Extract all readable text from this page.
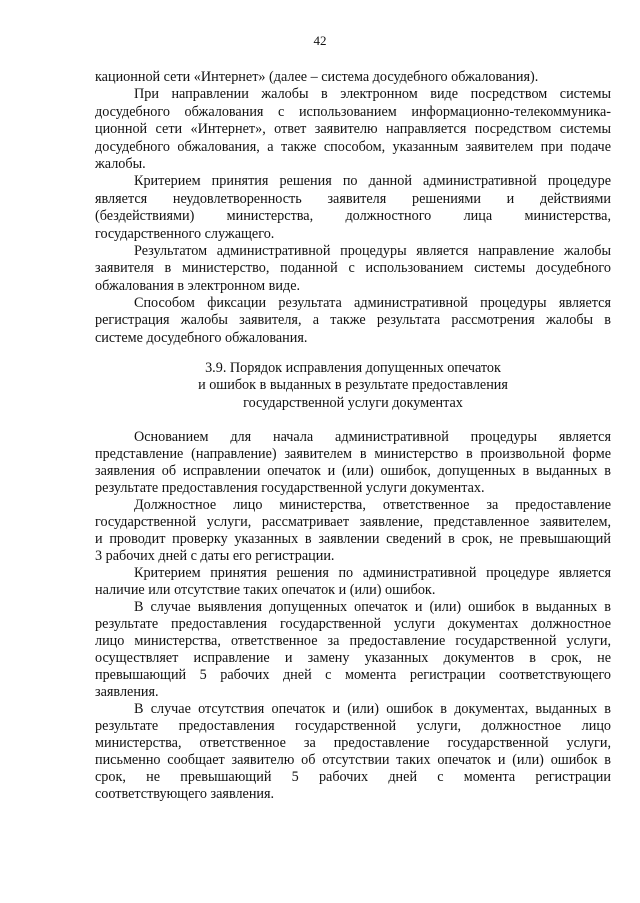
42
кационной сети «Интернет» (далее – система досудебного обжалования).
При направлении жалобы в электронном виде посредством системы
досудебного обжалования с использованием информационно-телекоммуника-
ционной сети «Интернет», ответ заявителю направляется посредством системы
досудебного обжалования, а также способом, указанным заявителем при подаче
жалобы.
Критерием принятия решения по данной административной процедуре
является неудовлетворенность заявителя решениями и действиями
(бездействиями) министерства, должностного лица министерства,
государственного служащего.
Результатом административной процедуры является направление жалобы
заявителя в министерство, поданной с использованием системы досудебного
обжалования в электронном виде.
Способом фиксации результата административной процедуры является
регистрация жалобы заявителя, а также результата рассмотрения жалобы в
системе досудебного обжалования.
3.9. Порядок исправления допущенных опечаток
и ошибок в выданных в результате предоставления
государственной услуги документах
Основанием для начала административной процедуры является
представление (направление) заявителем в министерство в произвольной форме
заявления об исправлении опечаток и (или) ошибок, допущенных в выданных в
результате предоставления государственной услуги документах.
Должностное лицо министерства, ответственное за предоставление
государственной услуги, рассматривает заявление, представленное заявителем,
и проводит проверку указанных в заявлении сведений в срок, не превышающий
3 рабочих дней с даты его регистрации.
Критерием принятия решения по административной процедуре является
наличие или отсутствие таких опечаток и (или) ошибок.
В случае выявления допущенных опечаток и (или) ошибок в выданных в
результате предоставления государственной услуги документах должностное
лицо министерства, ответственное за предоставление государственной услуги,
осуществляет исправление и замену указанных документов в срок, не
превышающий 5 рабочих дней с момента регистрации соответствующего
заявления.
В случае отсутствия опечаток и (или) ошибок в документах, выданных в
результате предоставления государственной услуги, должностное лицо
министерства, ответственное за предоставление государственной услуги,
письменно сообщает заявителю об отсутствии таких опечаток и (или) ошибок в
срок, не превышающий 5 рабочих дней с момента регистрации
соответствующего заявления.
